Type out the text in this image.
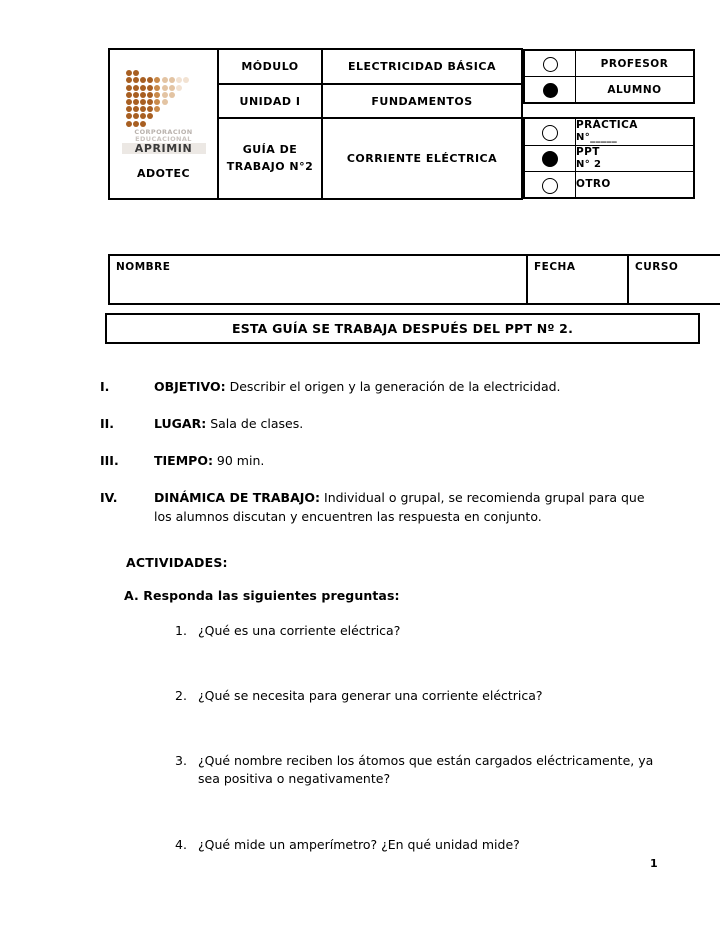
CORPORACION
EDUCACIONAL
APRIMIN
ADOTEC
	MÓDULO	ELECTRICIDAD BÁSICA	
		PROFESOR
	ALUMNO
	PRÁCTICA
N°_____

	PPT
N° 2

	OTRO

UNIDAD I	FUNDAMENTOS
GUÍA DE
TRABAJO N°2	CORRIENTE ELÉCTRICA
NOMBRE	FECHA	CURSO
ESTA GUÍA SE TRABAJA DESPUÉS DEL PPT Nº 2.
I.	OBJETIVO: Describir el origen y la generación de la electricidad.
II.	LUGAR: Sala de clases.
III.	TIEMPO: 90 min.
IV.	DINÁMICA DE TRABAJO: Individual o grupal, se recomienda grupal para que los alumnos discutan y encuentren las respuesta en conjunto.
ACTIVIDADES:
A. Responda las siguientes preguntas:
1. ¿Qué es una corriente eléctrica?
2. ¿Qué se necesita para generar una corriente eléctrica?
3. ¿Qué nombre reciben los átomos que están cargados eléctricamente, ya sea positiva o negativamente?
4. ¿Qué mide un amperímetro? ¿En qué unidad mide?
1
